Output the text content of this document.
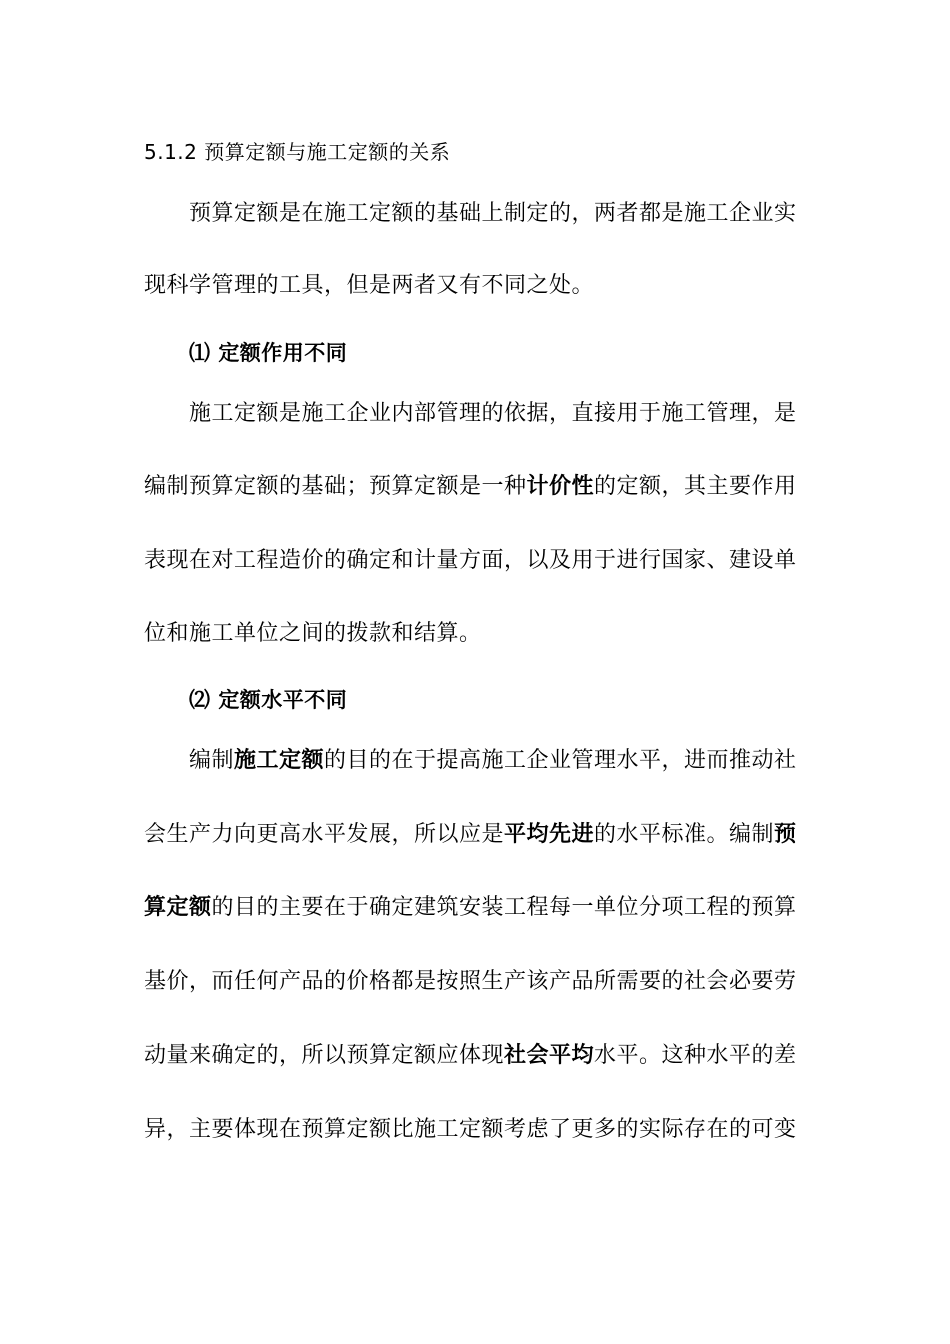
5.1.2 预算定额与施工定额的关系
预算定额是在施工定额的基础上制定的，两者都是施工企业实
现科学管理的工具，但是两者又有不同之处。
⑴ 定额作用不同
施工定额是施工企业内部管理的依据，直接用于施工管理，是
编制预算定额的基础；预算定额是一种计价性的定额，其主要作用
表现在对工程造价的确定和计量方面，以及用于进行国家、建设单
位和施工单位之间的拨款和结算。
⑵ 定额水平不同
编制施工定额的目的在于提高施工企业管理水平，进而推动社
会生产力向更高水平发展，所以应是平均先进的水平标准。编制预
算定额的目的主要在于确定建筑安装工程每一单位分项工程的预算
基价，而任何产品的价格都是按照生产该产品所需要的社会必要劳
动量来确定的，所以预算定额应体现社会平均水平。这种水平的差
异，主要体现在预算定额比施工定额考虑了更多的实际存在的可变
